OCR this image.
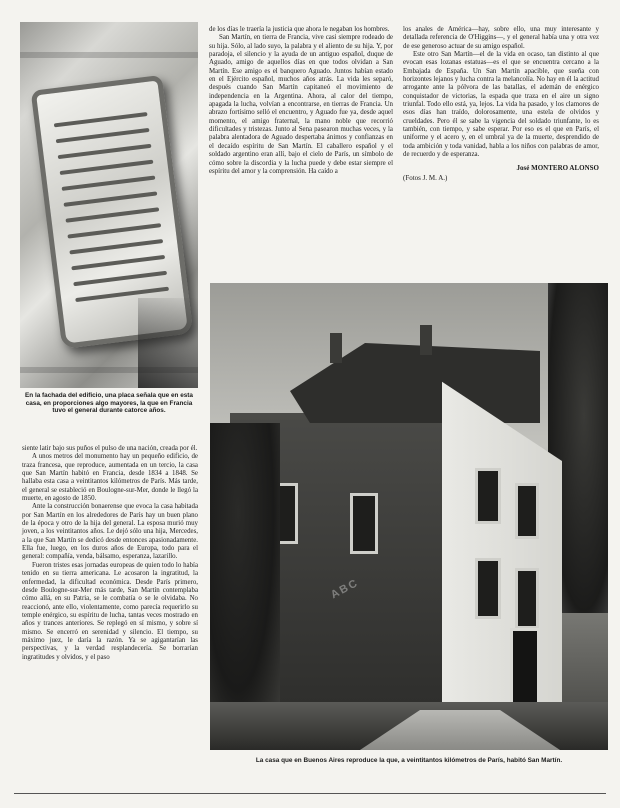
En la fachada del edificio, una placa señala que en esta casa, en proporciones algo mayores, la que en Francia tuvo el general durante catorce años.

siente latir bajo sus puños el pulso de una nación, creada por él.

A unos metros del monumento hay un pequeño edificio, de traza francesa, que reproduce, aumentada en un tercio, la casa que San Martín habitó en Francia, desde 1834 a 1848. Se hallaba esta casa a veintitantos kilómetros de París. Más tarde, el general se estableció en Boulogne-sur-Mer, donde le llegó la muerte, en agosto de 1850.

Ante la construcción bonaerense que evoca la casa habitada por San Martín en los alrededores de París hay un buen plano de la época y otro de la hija del general. La esposa murió muy joven, a los veintitantos años. Le dejó sólo una hija, Mercedes, a la que San Martín se dedicó desde entonces apasionadamente. Ella fue, luego, en los duros años de Europa, todo para el general: compañía, venda, bálsamo, esperanza, lazarillo.

Fueron tristes esas jornadas europeas de quien todo lo había tenido en su tierra americana. Le acosaron la ingratitud, la enfermedad, la dificultad económica. Desde París primero, desde Boulogne-sur-Mer más tarde, San Martín contemplaba cómo allá, en su Patria, se le combatía o se le olvidaba. No reaccionó, ante ello, violentamente, como parecía requerirlo su temple enérgico, su espíritu de lucha, tantas veces mostrado en años y trances anteriores. Se replegó en sí mismo, y sobre sí mismo. Se encerró en serenidad y silencio. El tiempo, su máximo juez, le daría la razón. Ya se agigantarían las perspectivas, y la verdad resplandecería. Se borrarían ingratitudes y olvidos, y el paso

de los días le traería la justicia que ahora le negaban los hombres.

San Martín, en tierra de Francia, vive casi siempre rodeado de su hija. Sólo, al lado suyo, la palabra y el aliento de su hija. Y, por paradoja, el silencio y la ayuda de un antiguo español, duque de Aguado, amigo de aquellos días en que todos olvidan a San Martín. Ese amigo es el banquero Aguado. Juntos habían estado en el Ejército español, muchos años atrás. La vida les separó, después cuando San Martín capitaneó el movimiento de independencia en la Argentina. Ahora, al calor del tiempo, apagada la lucha, volvían a encontrarse, en tierras de Francia. Un abrazo fortísimo selló el encuentro, y Aguado fue ya, desde aquel momento, el amigo fraternal, la mano noble que recorrió dificultades y tristezas. Junto al Sena pasearon muchas veces, y la palabra alentadora de Aguado despertaba ánimos y confianzas en el decaído espíritu de San Martín. El caballero español y el soldado argentino eran allí, bajo el cielo de París, un símbolo de cómo sobre la discordia y la lucha puede y debe estar siempre el espíritu del amor y la comprensión. Ha caído a

los anales de América—hay, sobre ello, una muy interesante y detallada referencia de O'Higgins—, y el general había una y otra vez de ese generoso actuar de su amigo español.

Este otro San Martín—el de la vida en ocaso, tan distinto al que evocan esas lozanas estatuas—es el que se encuentra cercano a la Embajada de España. Un San Martín apacible, que sueña con horizontes lejanos y lucha contra la melancolía. No hay en él la actitud arrogante ante la pólvora de las batallas, el ademán de enérgico conquistador de victorias, la espada que traza en el aire un signo triunfal. Todo ello está, ya, lejos. La vida ha pasado, y los clamores de esos días han traído, dolorosamente, una estela de olvidos y crueldades. Pero él se sabe la vigencia del soldado triunfante, lo es también, con tiempo, y sabe esperar. Por eso es el que en París, el uniforme y el acero y, en el umbral ya de la muerte, desprendido de toda ambición y toda vanidad, habla a los niños con palabras de amor, de recuerdo y de esperanza.

José MONTERO ALONSO

(Fotos J. M. A.)

ABC
La casa que en Buenos Aires reproduce la que, a veintitantos kilómetros de París, habitó San Martín.
